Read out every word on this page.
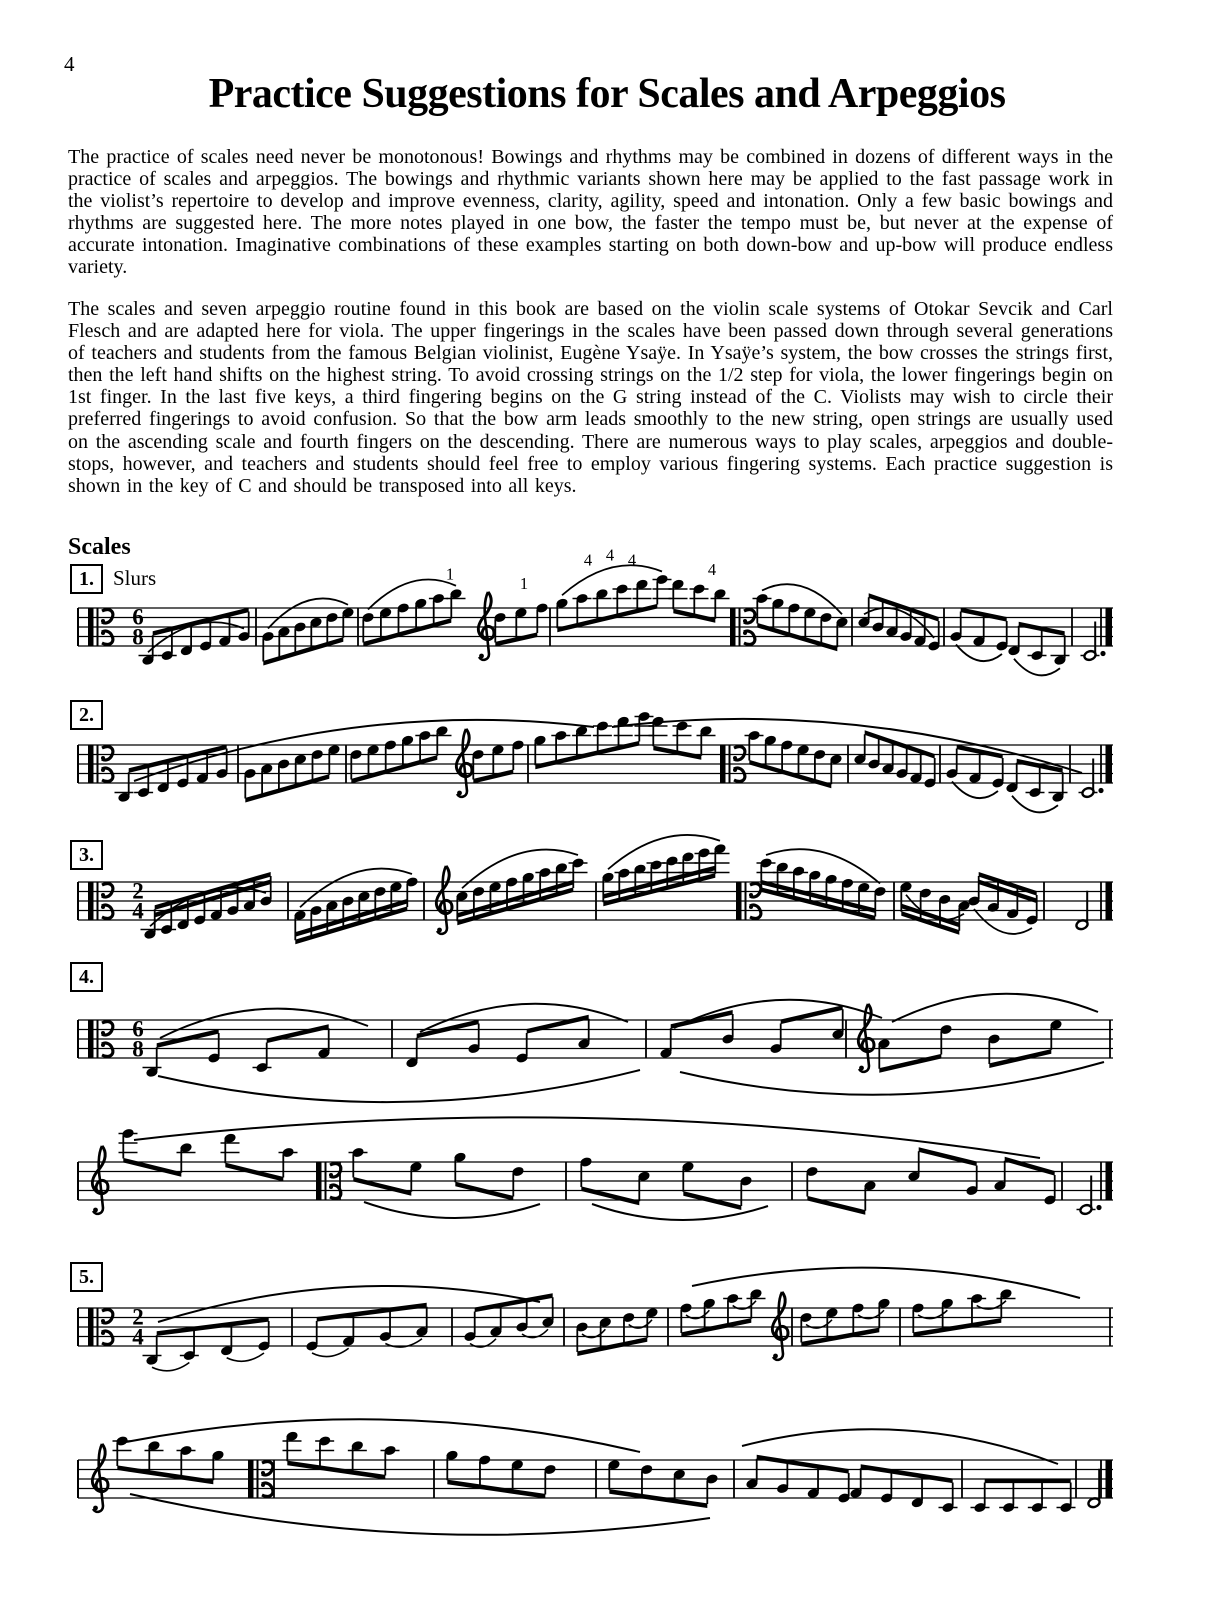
4
Practice Suggestions for Scales and Arpeggios

The practice of scales need never be monotonous! Bowings and rhythms may be combined in dozens of different ways in the practice of scales and arpeggios. The bowings and rhythmic variants shown here may be applied to the fast passage work in the violist’s repertoire to develop and improve evenness, clarity, agility, speed and intonation. Only a few basic bowings and rhythms are suggested here. The more notes played in one bow, the faster the tempo must be, but never at the expense of accurate intonation. Imaginative combinations of these examples starting on both down-bow and up-bow will produce endless variety.

The scales and seven arpeggio routine found in this book are based on the violin scale systems of Otokar Sevcik and Carl Flesch and are adapted here for viola. The upper fingerings in the scales have been passed down through several generations of teachers and students from the famous Belgian violinist, Eugène Ysaÿe. In Ysaÿe’s system, the bow crosses the strings first, then the left hand shifts on the highest string. To avoid crossing strings on the 1/2 step for viola, the lower fingerings begin on 1st finger. In the last five keys, a third fingering begins on the G string instead of the C. Violists may wish to circle their preferred fingerings to avoid confusion. So that the bow arm leads smoothly to the new string, open strings are usually used on the ascending scale and fourth fingers on the descending. There are numerous ways to play scales, arpeggios and double-stops, however, and teachers and students should feel free to employ various fingering systems. Each practice suggestion is shown in the key of C and should be transposed into all keys.

Scales
6
8
1	1
4 4 4	4
2
4
6
8
2
4
1. Slurs
2.
3.
4.
5.
